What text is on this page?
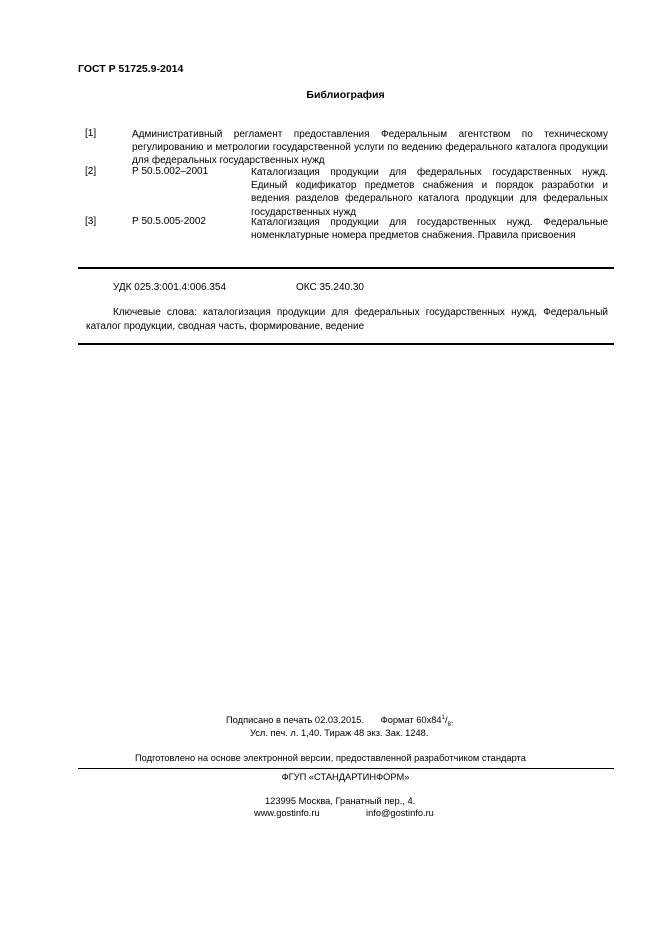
ГОСТ Р 51725.9-2014
Библиография
[1]	Административный регламент предоставления Федеральным агентством по техническому регулированию и метрологии государственной услуги по ведению федерального каталога продукции для федеральных государственных нужд
[2]	Р 50.5.002–2001	Каталогизация продукции для федеральных государственных нужд. Единый кодификатор предметов снабжения и порядок разработки и ведения разделов федерального каталога продукции для федеральных государственных нужд
[3]	Р 50.5.005-2002	Каталогизация продукции для государственных нужд. Федеральные номенклатурные номера предметов снабжения. Правила присвоения
УДК 025.3:001.4:006.354	ОКС 35.240.30
Ключевые слова: каталогизация продукции для федеральных государственных нужд, Федеральный каталог продукции, сводная часть, формирование, ведение
Подписано в печать 02.03.2015. Формат $60х84^1/_8$.
Усл. печ. л. 1,40. Тираж 48 экз. Зак. 1248.
Подготовлено на основе электронной версии, предоставленной разработчиком стандарта
ФГУП «СТАНДАРТИНФОРМ»
123995 Москва, Гранатный пер., 4.
www.gostinfo.ru	info@gostinfo.ru
